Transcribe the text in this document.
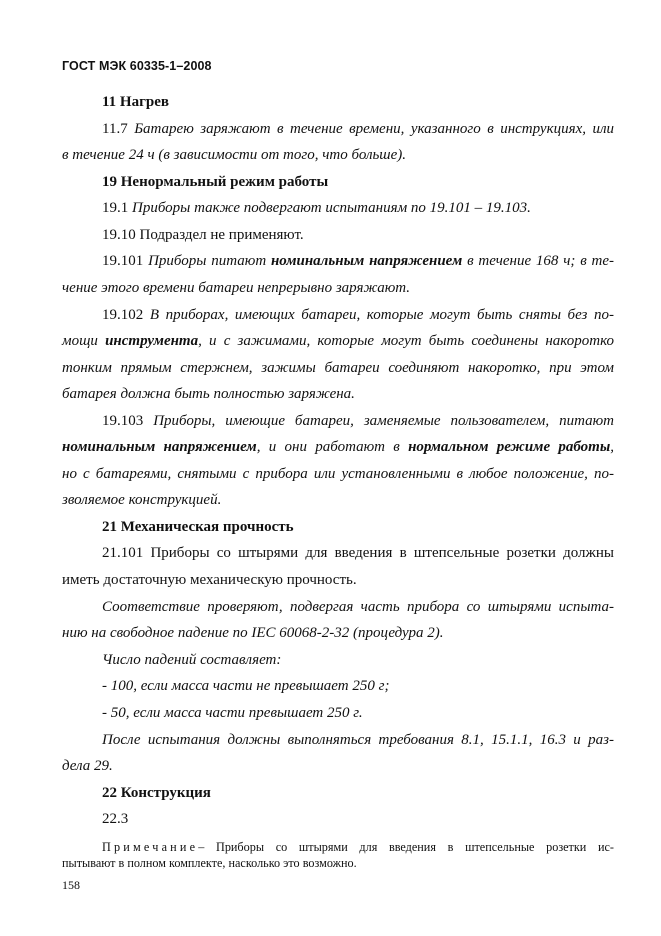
ГОСТ МЭК 60335-1–2008
11 Нагрев
11.7 Батарею заряжают в течение времени, указанного в инструкциях, или
в течение 24 ч (в зависимости от того, что больше).
19 Ненормальный режим работы
19.1 Приборы также подвергают испытаниям по 19.101 – 19.103.
19.10 Подраздел не применяют.
19.101 Приборы питают номинальным напряжением в течение 168 ч; в те-
чение этого времени батареи непрерывно заряжают.
19.102 В приборах, имеющих батареи, которые могут быть сняты без по-
мощи инструмента, и с зажимами, которые могут быть соединены накоротко
тонким прямым стержнем, зажимы батареи соединяют накоротко, при этом
батарея должна быть полностью заряжена.
19.103 Приборы, имеющие батареи, заменяемые пользователем, питают
номинальным напряжением, и они работают в нормальном режиме работы,
но с батареями, снятыми с прибора или установленными в любое положение, по-
зволяемое конструкцией.
21 Механическая прочность
21.101 Приборы со штырями для введения в штепсельные розетки должны
иметь достаточную механическую прочность.
Соответствие проверяют, подвергая часть прибора со штырями испыта-
нию на свободное падение по IEC 60068-2-32 (процедура 2).
Число падений составляет:
- 100, если масса части не превышает 250 г;
- 50, если масса части превышает 250 г.
После испытания должны выполняться требования 8.1, 15.1.1, 16.3 и раз-
дела 29.
22 Конструкция
22.3
Примечание– Приборы со штырями для введения в штепсельные розетки ис-
пытывают в полном комплекте, насколько это возможно.
158
